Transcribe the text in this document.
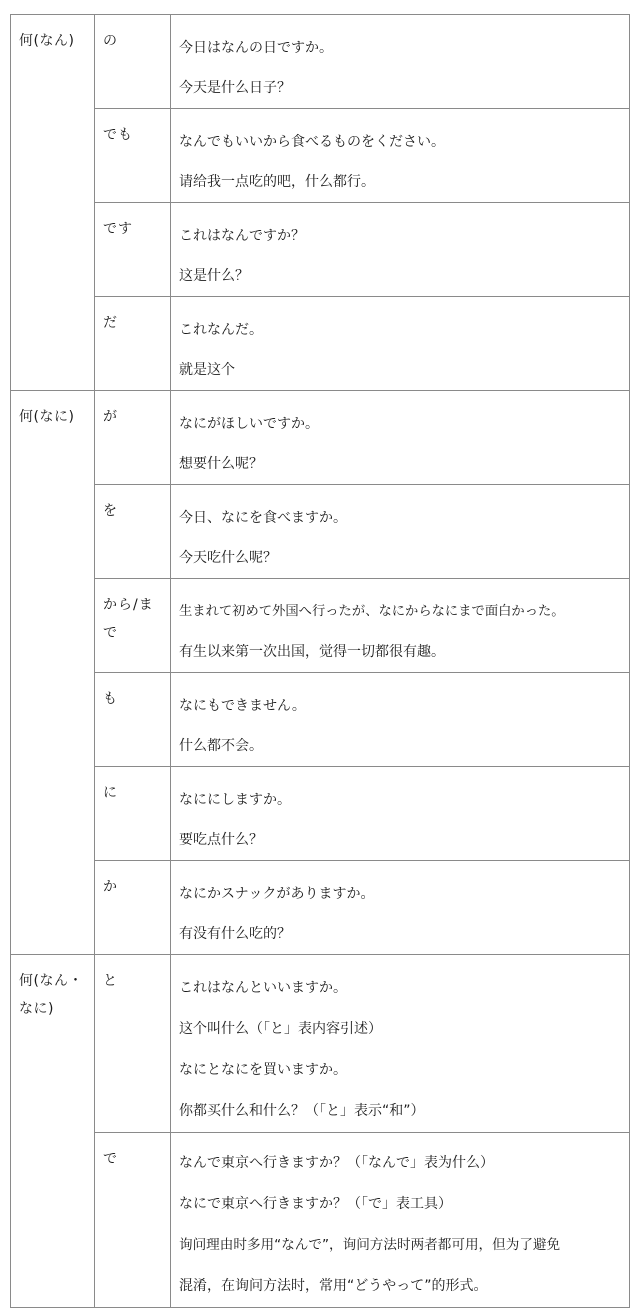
何(なん)	の	今日はなんの日ですか。
今天是什么日子？

	でも	なんでもいいから食べるものをください。
请给我一点吃的吧，什么都行。

	です	これはなんですか？
这是什么？

	だ	これなんだ。
就是这个

何(なに)	が	なにがほしいですか。
想要什么呢？

	を	今日、なにを食べますか。
今天吃什么呢？

	から/まで	生まれて初めて外国へ行ったが、なにからなにまで面白かった。
有生以来第一次出国，觉得一切都很有趣。

	も	なにもできません。
什么都不会。

	に	なににしますか。
要吃点什么？

	か	なにかスナックがありますか。
有没有什么吃的？

何(なん・なに)	と	これはなんといいますか。
这个叫什么（「と」表内容引述）
なにとなにを買いますか。
你都买什么和什么？（「と」表示“和”）

	で	なんで東京へ行きますか？（「なんで」表为什么）
なにで東京へ行きますか？（「で」表工具）
询问理由时多用“なんで”，询问方法时两者都可用，但为了避免
混淆，在询问方法时，常用“どうやって”的形式。
